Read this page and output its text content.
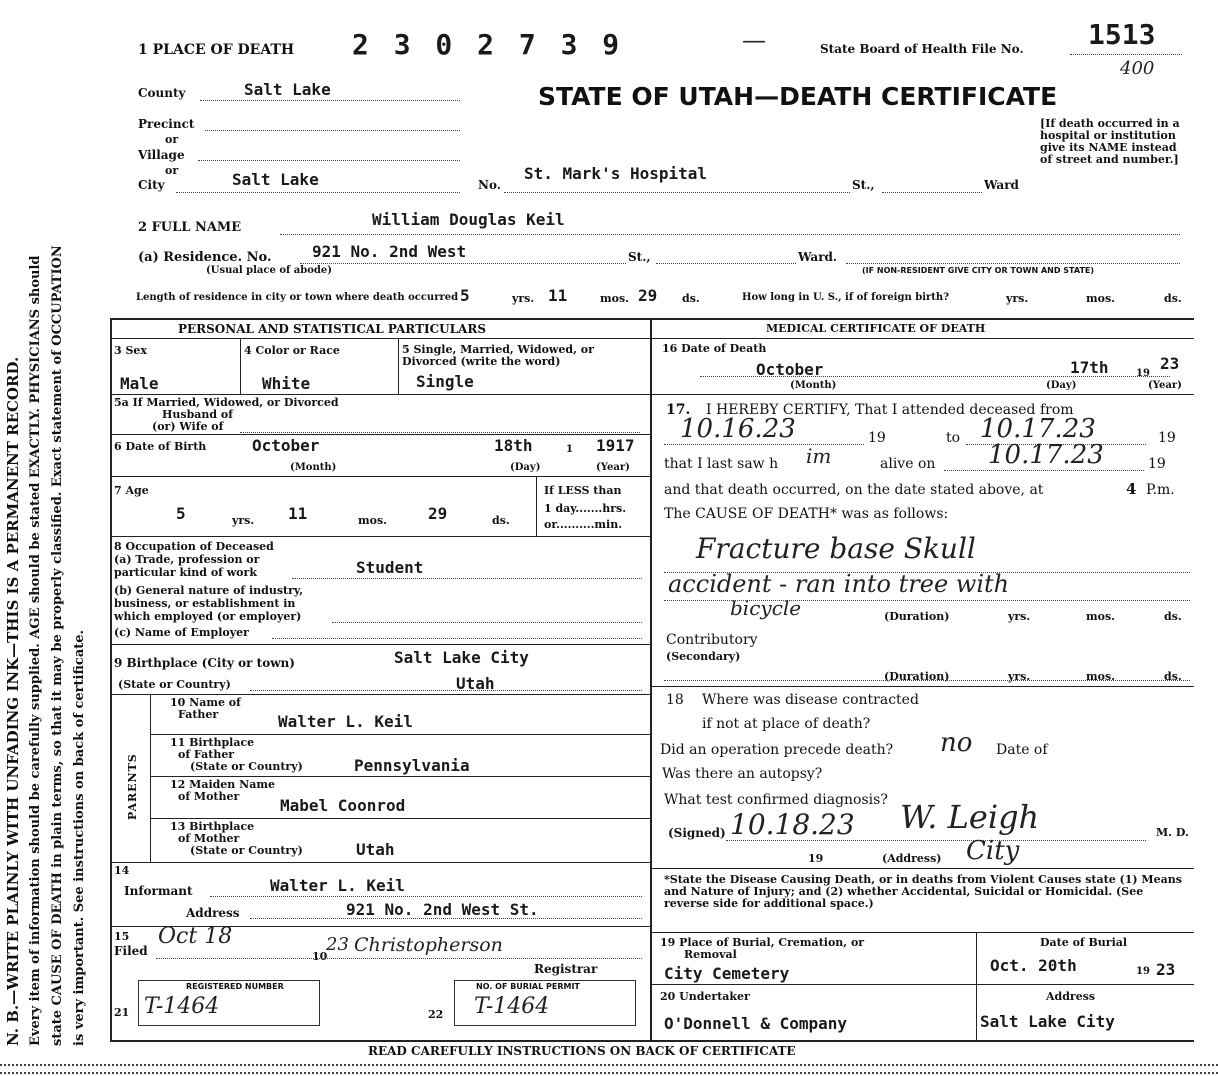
N. B.—WRITE PLAINLY WITH UNFADING INK—THIS IS A PERMANENT RECORD. Every item of information should be carefully supplied. AGE should be stated EXACTLY. PHYSICIANS should state CAUSE OF DEATH in plain terms, so that it may be properly classified. Exact statement of OCCUPATION is very important. See instructions on back of certificate.
1 PLACE OF DEATH 2 3 0 2 7 3 9	—	State Board of Health File No. 1513
400
STATE OF UTAH—DEATH CERTIFICATE
County	Salt Lake
Precinct
or
Village
or
City	Salt Lake	No.
St. Mark's Hospital
St.,	Ward
[If death occurred in a hospital or institution give its NAME instead of street and number.]
2 FULL NAME	William Douglas Keil
(a) Residence. No.	921 No. 2nd West	St.,	Ward.
(Usual place of abode)	(IF NON-RESIDENT GIVE CITY OR TOWN AND STATE)
Length of residence in city or town where death occurred 5	yrs. 11	mos. 29 ds.	How long in U. S., if of foreign birth?	yrs.	mos.	ds.
PERSONAL AND STATISTICAL PARTICULARS
3 Sex
Male
4 Color or Race
White
5 Single, Married, Widowed, or Divorced (write the word)
Single
5a If Married, Widowed, or Divorced
Husband of
(or) Wife of
6 Date of Birth	October	18th	1 1917
(Month)	(Day)	(Year)
7 Age
5	yrs. 11	mos.	29	ds.
If LESS than
1 day.......hrs.
or..........min.
8 Occupation of Deceased
(a) Trade, profession or
particular kind of work	Student
(b) General nature of industry,
business, or establishment in
which employed (or employer)
(c) Name of Employer
9 Birthplace (City or town)	Salt Lake City
(State or Country)	Utah
PARENTS
10 Name of
Father	Walter L. Keil
11 Birthplace
of Father
(State or Country)	Pennsylvania
12 Maiden Name
of Mother	Mabel Coonrod
13 Birthplace
of Mother
(State or Country)	Utah
14
Informant	Walter L. Keil
Address	921 No. 2nd West St.
15
Filed
Oct 18
10
23 Christopherson
Registrar
REGISTERED NUMBER
21 T-1464
NO. OF BURIAL PERMIT
22 T-1464
MEDICAL CERTIFICATE OF DEATH
16 Date of Death
October	17th	19
23
(Month)	(Day)	(Year)
17. I HEREBY CERTIFY, That I attended deceased from
10.16.23	19	to 10.17.23	19
that I last saw h im	alive on 10.17.23	19
and that death occurred, on the date stated above, at	4 P.m.
The CAUSE OF DEATH* was as follows:
Fracture base Skull
accident - ran into tree with
bicycle	(Duration)	yrs.	mos.	ds.
Contributory
(Secondary)
(Duration)	yrs.	mos.	ds.
18 Where was disease contracted
if not at place of death?
Did an operation precede death? no Date of
Was there an autopsy?
What test confirmed diagnosis?
(Signed) 10.18.23 W. Leigh	M. D.
19	(Address) City
*State the Disease Causing Death, or in deaths from Violent Causes state (1) Means and Nature of Injury; and (2) whether Accidental, Suicidal or Homicidal. (See reverse side for additional space.)
19 Place of Burial, Cremation, or
Removal
City Cemetery
Date of Burial
Oct. 20th	19 23
20 Undertaker
O'Donnell & Company
Address
Salt Lake City
READ CAREFULLY INSTRUCTIONS ON BACK OF CERTIFICATE
